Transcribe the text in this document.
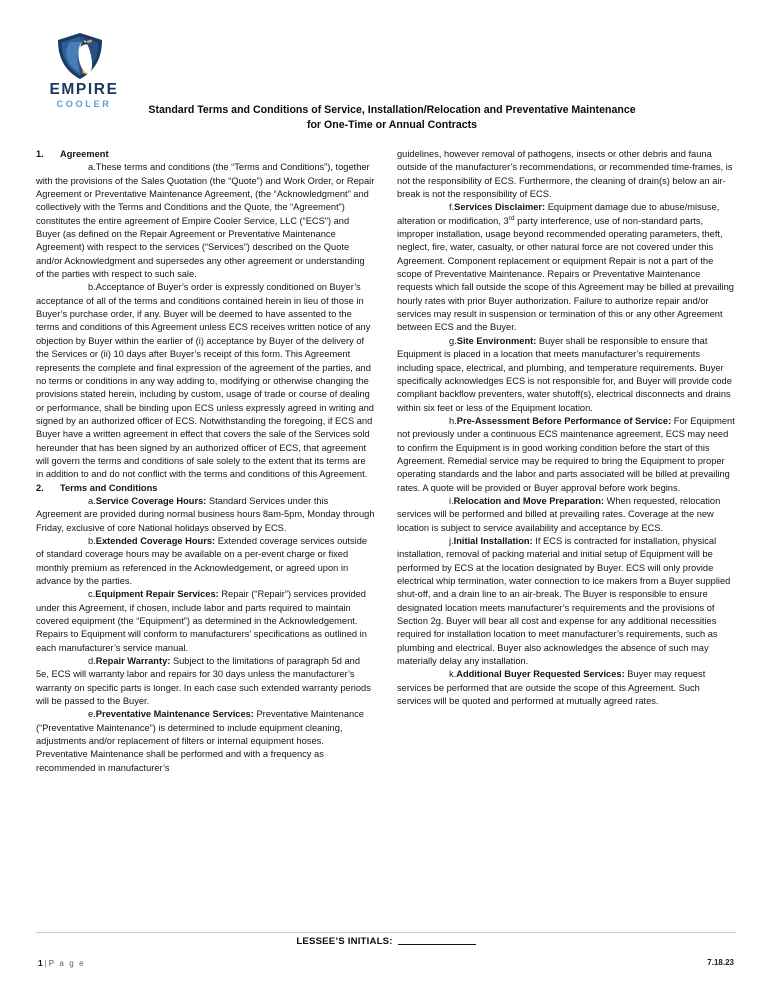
EMPIRE
COOLER	Standard Terms and Conditions of Service, Installation/Relocation and Preventative Maintenance
for One-Time or Annual Contracts

1. Agreement

a.These terms and conditions (the “Terms and Conditions”), together with the provisions of the Sales Quotation (the “Quote”) and Work Order, or Repair Agreement or Preventative Maintenance Agreement, (the “Acknowledgment” and collectively with the Terms and Conditions and the Quote, the “Agreement”) constitutes the entire agreement of Empire Cooler Service, LLC (“ECS”) and Buyer (as defined on the Repair Agreement or Preventative Maintenance Agreement) with respect to the services (“Services”) described on the Quote and/or Acknowledgment and supersedes any other agreement or understanding of the parties with respect to such sale.

b.Acceptance of Buyer’s order is expressly conditioned on Buyer’s acceptance of all of the terms and conditions contained herein in lieu of those in Buyer’s purchase order, if any. Buyer will be deemed to have assented to the terms and conditions of this Agreement unless ECS receives written notice of any objection by Buyer within the earlier of (i) acceptance by Buyer of the delivery of the Services or (ii) 10 days after Buyer’s receipt of this form. This Agreement represents the complete and final expression of the agreement of the parties, and no terms or conditions in any way adding to, modifying or otherwise changing the provisions stated herein, including by custom, usage of trade or course of dealing or performance, shall be binding upon ECS unless expressly agreed in writing and signed by an authorized officer of ECS. Notwithstanding the foregoing, if ECS and Buyer have a written agreement in effect that covers the sale of the Services sold hereunder that has been signed by an authorized officer of ECS, that agreement will govern the terms and conditions of sale solely to the extent that its terms are in addition to and do not conflict with the terms and conditions of this Agreement.

2. Terms and Conditions

a.Service Coverage Hours: Standard Services under this Agreement are provided during normal business hours 8am-5pm, Monday through Friday, exclusive of core National holidays observed by ECS.

b.Extended Coverage Hours: Extended coverage services outside of standard coverage hours may be available on a per-event charge or fixed monthly premium as referenced in the Acknowledgement, or agreed upon in advance by the parties.

c.Equipment Repair Services: Repair (“Repair”) services provided under this Agreement, if chosen, include labor and parts required to maintain covered equipment (the “Equipment”) as determined in the Acknowledgement. Repairs to Equipment will conform to manufacturers’ specifications as outlined in each manufacturer’s service manual.

d.Repair Warranty: Subject to the limitations of paragraph 5d and 5e, ECS will warranty labor and repairs for 30 days unless the manufacturer’s warranty on specific parts is longer. In each case such extended warranty periods will be passed to the Buyer.

e.Preventative Maintenance Services: Preventative Maintenance (“Preventative Maintenance”) is determined to include equipment cleaning, adjustments and/or replacement of filters or internal equipment hoses. Preventative Maintenance shall be performed and with a frequency as recommended in manufacturer’s

guidelines, however removal of pathogens, insects or other debris and fauna outside of the manufacturer’s recommendations, or recommended time-frames, is not the responsibility of ECS. Furthermore, the cleaning of drain(s) below an air-break is not the responsibility of ECS.

f.Services Disclaimer: Equipment damage due to abuse/misuse, alteration or modification, 3rd party interference, use of non-standard parts, improper installation, usage beyond recommended operating parameters, theft, neglect, fire, water, casualty, or other natural force are not covered under this Agreement. Component replacement or equipment Repair is not a part of the scope of Preventative Maintenance. Repairs or Preventative Maintenance requests which fall outside the scope of this Agreement may be billed at prevailing hourly rates with prior Buyer authorization. Failure to authorize repair and/or services may result in suspension or termination of this or any other Agreement between ECS and the Buyer.

g.Site Environment: Buyer shall be responsible to ensure that Equipment is placed in a location that meets manufacturer’s requirements including space, electrical, and plumbing, and temperature requirements. Buyer specifically acknowledges ECS is not responsible for, and Buyer will provide code compliant backflow preventers, water shutoff(s), electrical disconnects and drains within six feet or less of the Equipment location.

h.Pre-Assessment Before Performance of Service: For Equipment not previously under a continuous ECS maintenance agreement, ECS may need to confirm the Equipment is in good working condition before the start of this Agreement. Remedial service may be required to bring the Equipment to proper operating standards and the labor and parts associated will be billed at prevailing rates. A quote will be provided or Buyer approval before work begins.

i.Relocation and Move Preparation: When requested, relocation services will be performed and billed at prevailing rates. Coverage at the new location is subject to service availability and acceptance by ECS.

j.Initial Installation: If ECS is contracted for installation, physical installation, removal of packing material and initial setup of Equipment will be performed by ECS at the location designated by Buyer. ECS will only provide electrical whip termination, water connection to ice makers from a Buyer supplied shut-off, and a drain line to an air-break. The Buyer is responsible to ensure designated location meets manufacturer’s requirements and the provisions of Section 2g. Buyer will bear all cost and expense for any additional necessities required for installation location to meet manufacturer’s requirements, such as plumbing and electrical. Buyer also acknowledges the absence of such may materially delay any installation.

k.Additional Buyer Requested Services: Buyer may request services be performed that are outside the scope of this Agreement. Such services will be quoted and performed at mutually agreed rates.

LESSEE’S INITIALS:
1 | P a g e	7.18.23
